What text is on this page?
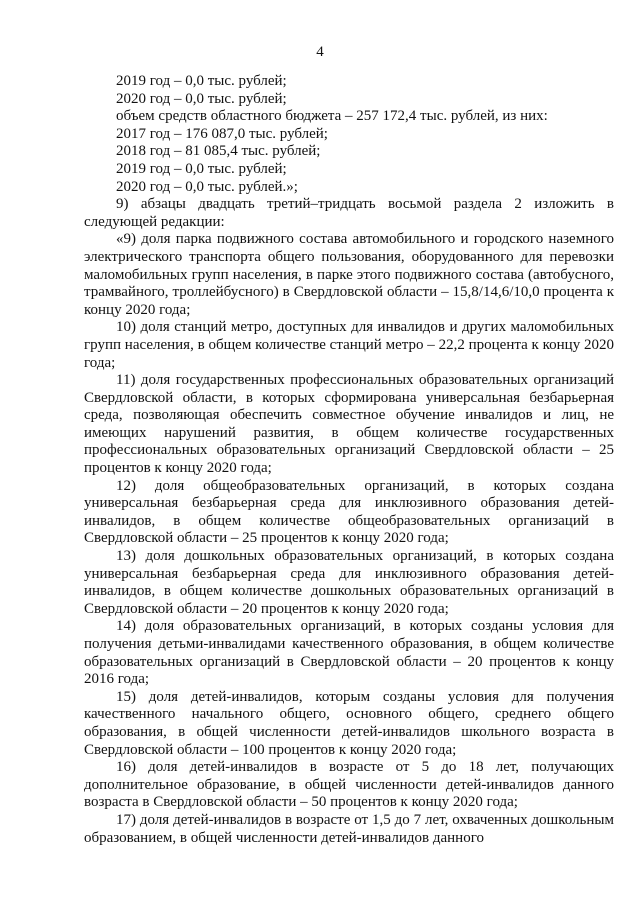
4
2019 год – 0,0 тыс. рублей;
2020 год – 0,0 тыс. рублей;
объем средств областного бюджета – 257 172,4 тыс. рублей, из них:
2017 год – 176 087,0 тыс. рублей;
2018 год – 81 085,4 тыс. рублей;
2019 год – 0,0 тыс. рублей;
2020 год – 0,0 тыс. рублей.»;

9) абзацы двадцать третий–тридцать восьмой раздела 2 изложить в следующей редакции:

«9) доля парка подвижного состава автомобильного и городского наземного электрического транспорта общего пользования, оборудованного для перевозки маломобильных групп населения, в парке этого подвижного состава (автобусного, трамвайного, троллейбусного) в Свердловской области – 15,8/14,6/10,0 процента к концу 2020 года;

10) доля станций метро, доступных для инвалидов и других маломобильных групп населения, в общем количестве станций метро – 22,2 процента к концу 2020 года;

11) доля государственных профессиональных образовательных организаций Свердловской области, в которых сформирована универсальная безбарьерная среда, позволяющая обеспечить совместное обучение инвалидов и лиц, не имеющих нарушений развития, в общем количестве государственных профессиональных образовательных организаций Свердловской области – 25 процентов к концу 2020 года;

12) доля общеобразовательных организаций, в которых создана универсальная безбарьерная среда для инклюзивного образования детей-инвалидов, в общем количестве общеобразовательных организаций в Свердловской области – 25 процентов к концу 2020 года;

13) доля дошкольных образовательных организаций, в которых создана универсальная безбарьерная среда для инклюзивного образования детей-инвалидов, в общем количестве дошкольных образовательных организаций в Свердловской области – 20 процентов к концу 2020 года;

14) доля образовательных организаций, в которых созданы условия для получения детьми-инвалидами качественного образования, в общем количестве образовательных организаций в Свердловской области – 20 процентов к концу 2016 года;

15) доля детей-инвалидов, которым созданы условия для получения качественного начального общего, основного общего, среднего общего образования, в общей численности детей-инвалидов школьного возраста в Свердловской области – 100 процентов к концу 2020 года;

16) доля детей-инвалидов в возрасте от 5 до 18 лет, получающих дополнительное образование, в общей численности детей-инвалидов данного возраста в Свердловской области – 50 процентов к концу 2020 года;

17) доля детей-инвалидов в возрасте от 1,5 до 7 лет, охваченных дошкольным образованием, в общей численности детей-инвалидов данного
